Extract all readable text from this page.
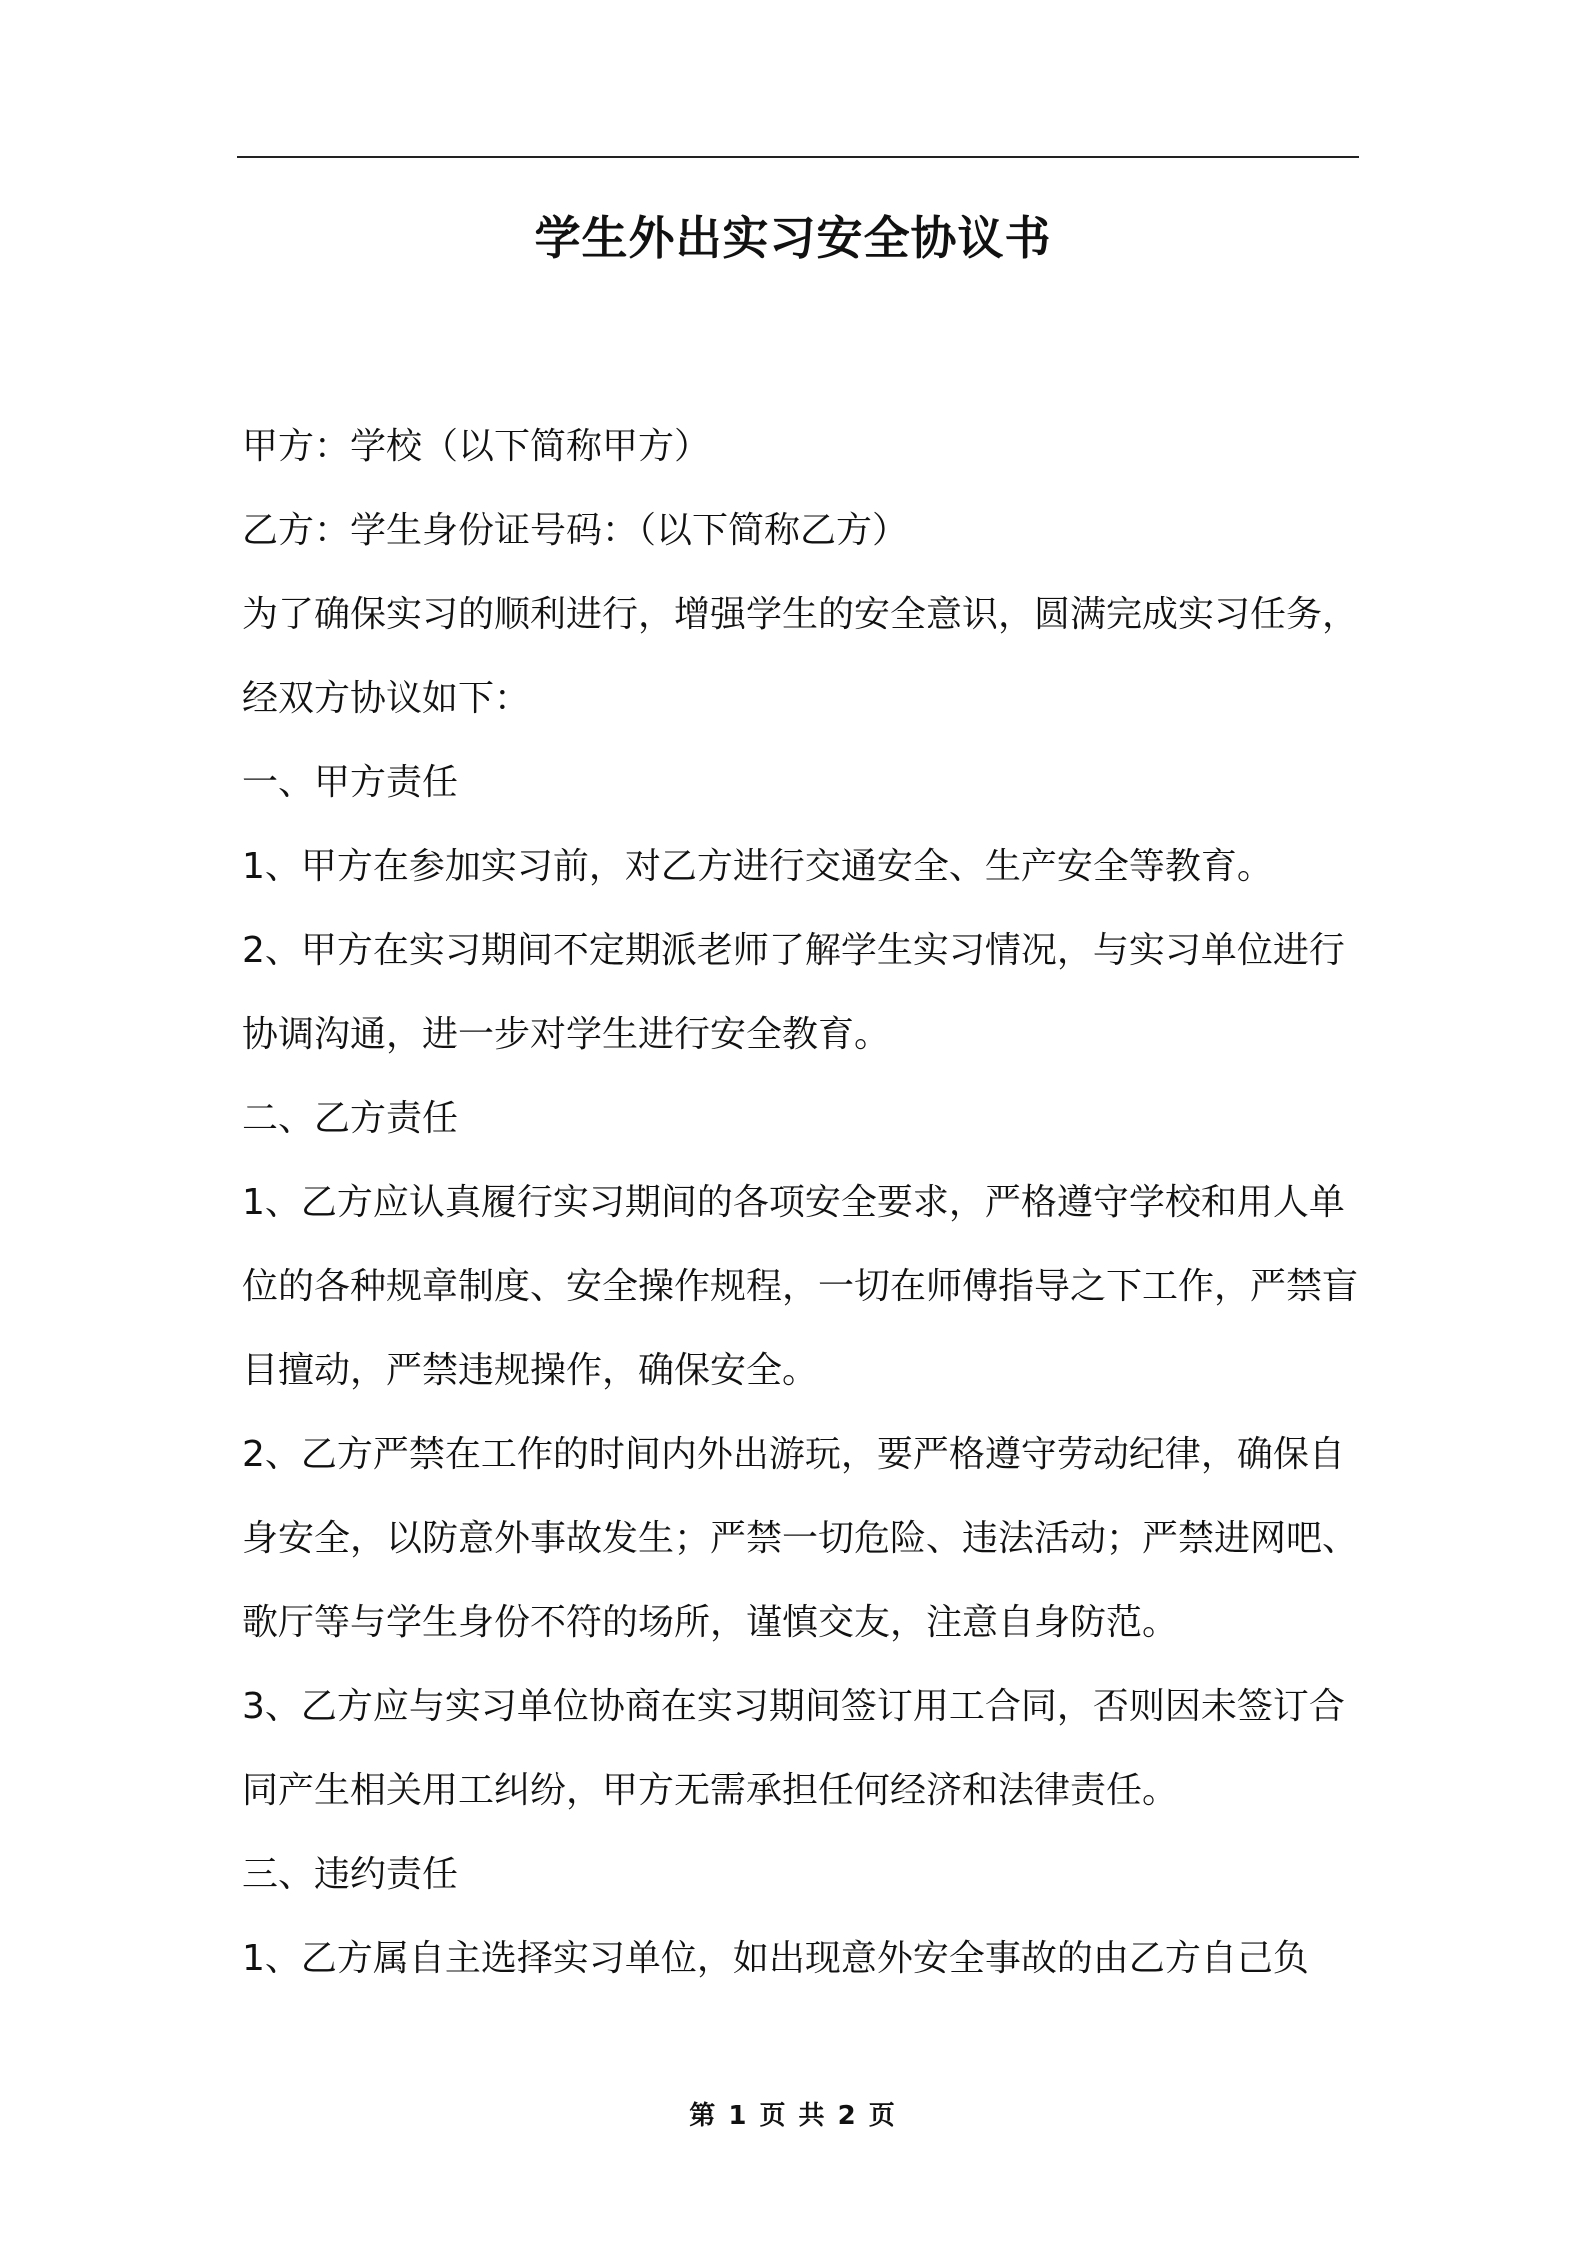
学生外出实习安全协议书

甲方：学校（以下简称甲方）

乙方：学生身份证号码：（以下简称乙方）

为了确保实习的顺利进行，增强学生的安全意识，圆满完成实习任务，经双方协议如下：

一、甲方责任

1、甲方在参加实习前，对乙方进行交通安全、生产安全等教育。

2、甲方在实习期间不定期派老师了解学生实习情况，与实习单位进行协调沟通，进一步对学生进行安全教育。

二、乙方责任

1、乙方应认真履行实习期间的各项安全要求，严格遵守学校和用人单位的各种规章制度、安全操作规程，一切在师傅指导之下工作，严禁盲目擅动，严禁违规操作，确保安全。

2、乙方严禁在工作的时间内外出游玩，要严格遵守劳动纪律，确保自身安全，以防意外事故发生；严禁一切危险、违法活动；严禁进网吧、歌厅等与学生身份不符的场所，谨慎交友，注意自身防范。

3、乙方应与实习单位协商在实习期间签订用工合同，否则因未签订合同产生相关用工纠纷，甲方无需承担任何经济和法律责任。

三、违约责任

1、乙方属自主选择实习单位，如出现意外安全事故的由乙方自己负

第 1 页 共 2 页
